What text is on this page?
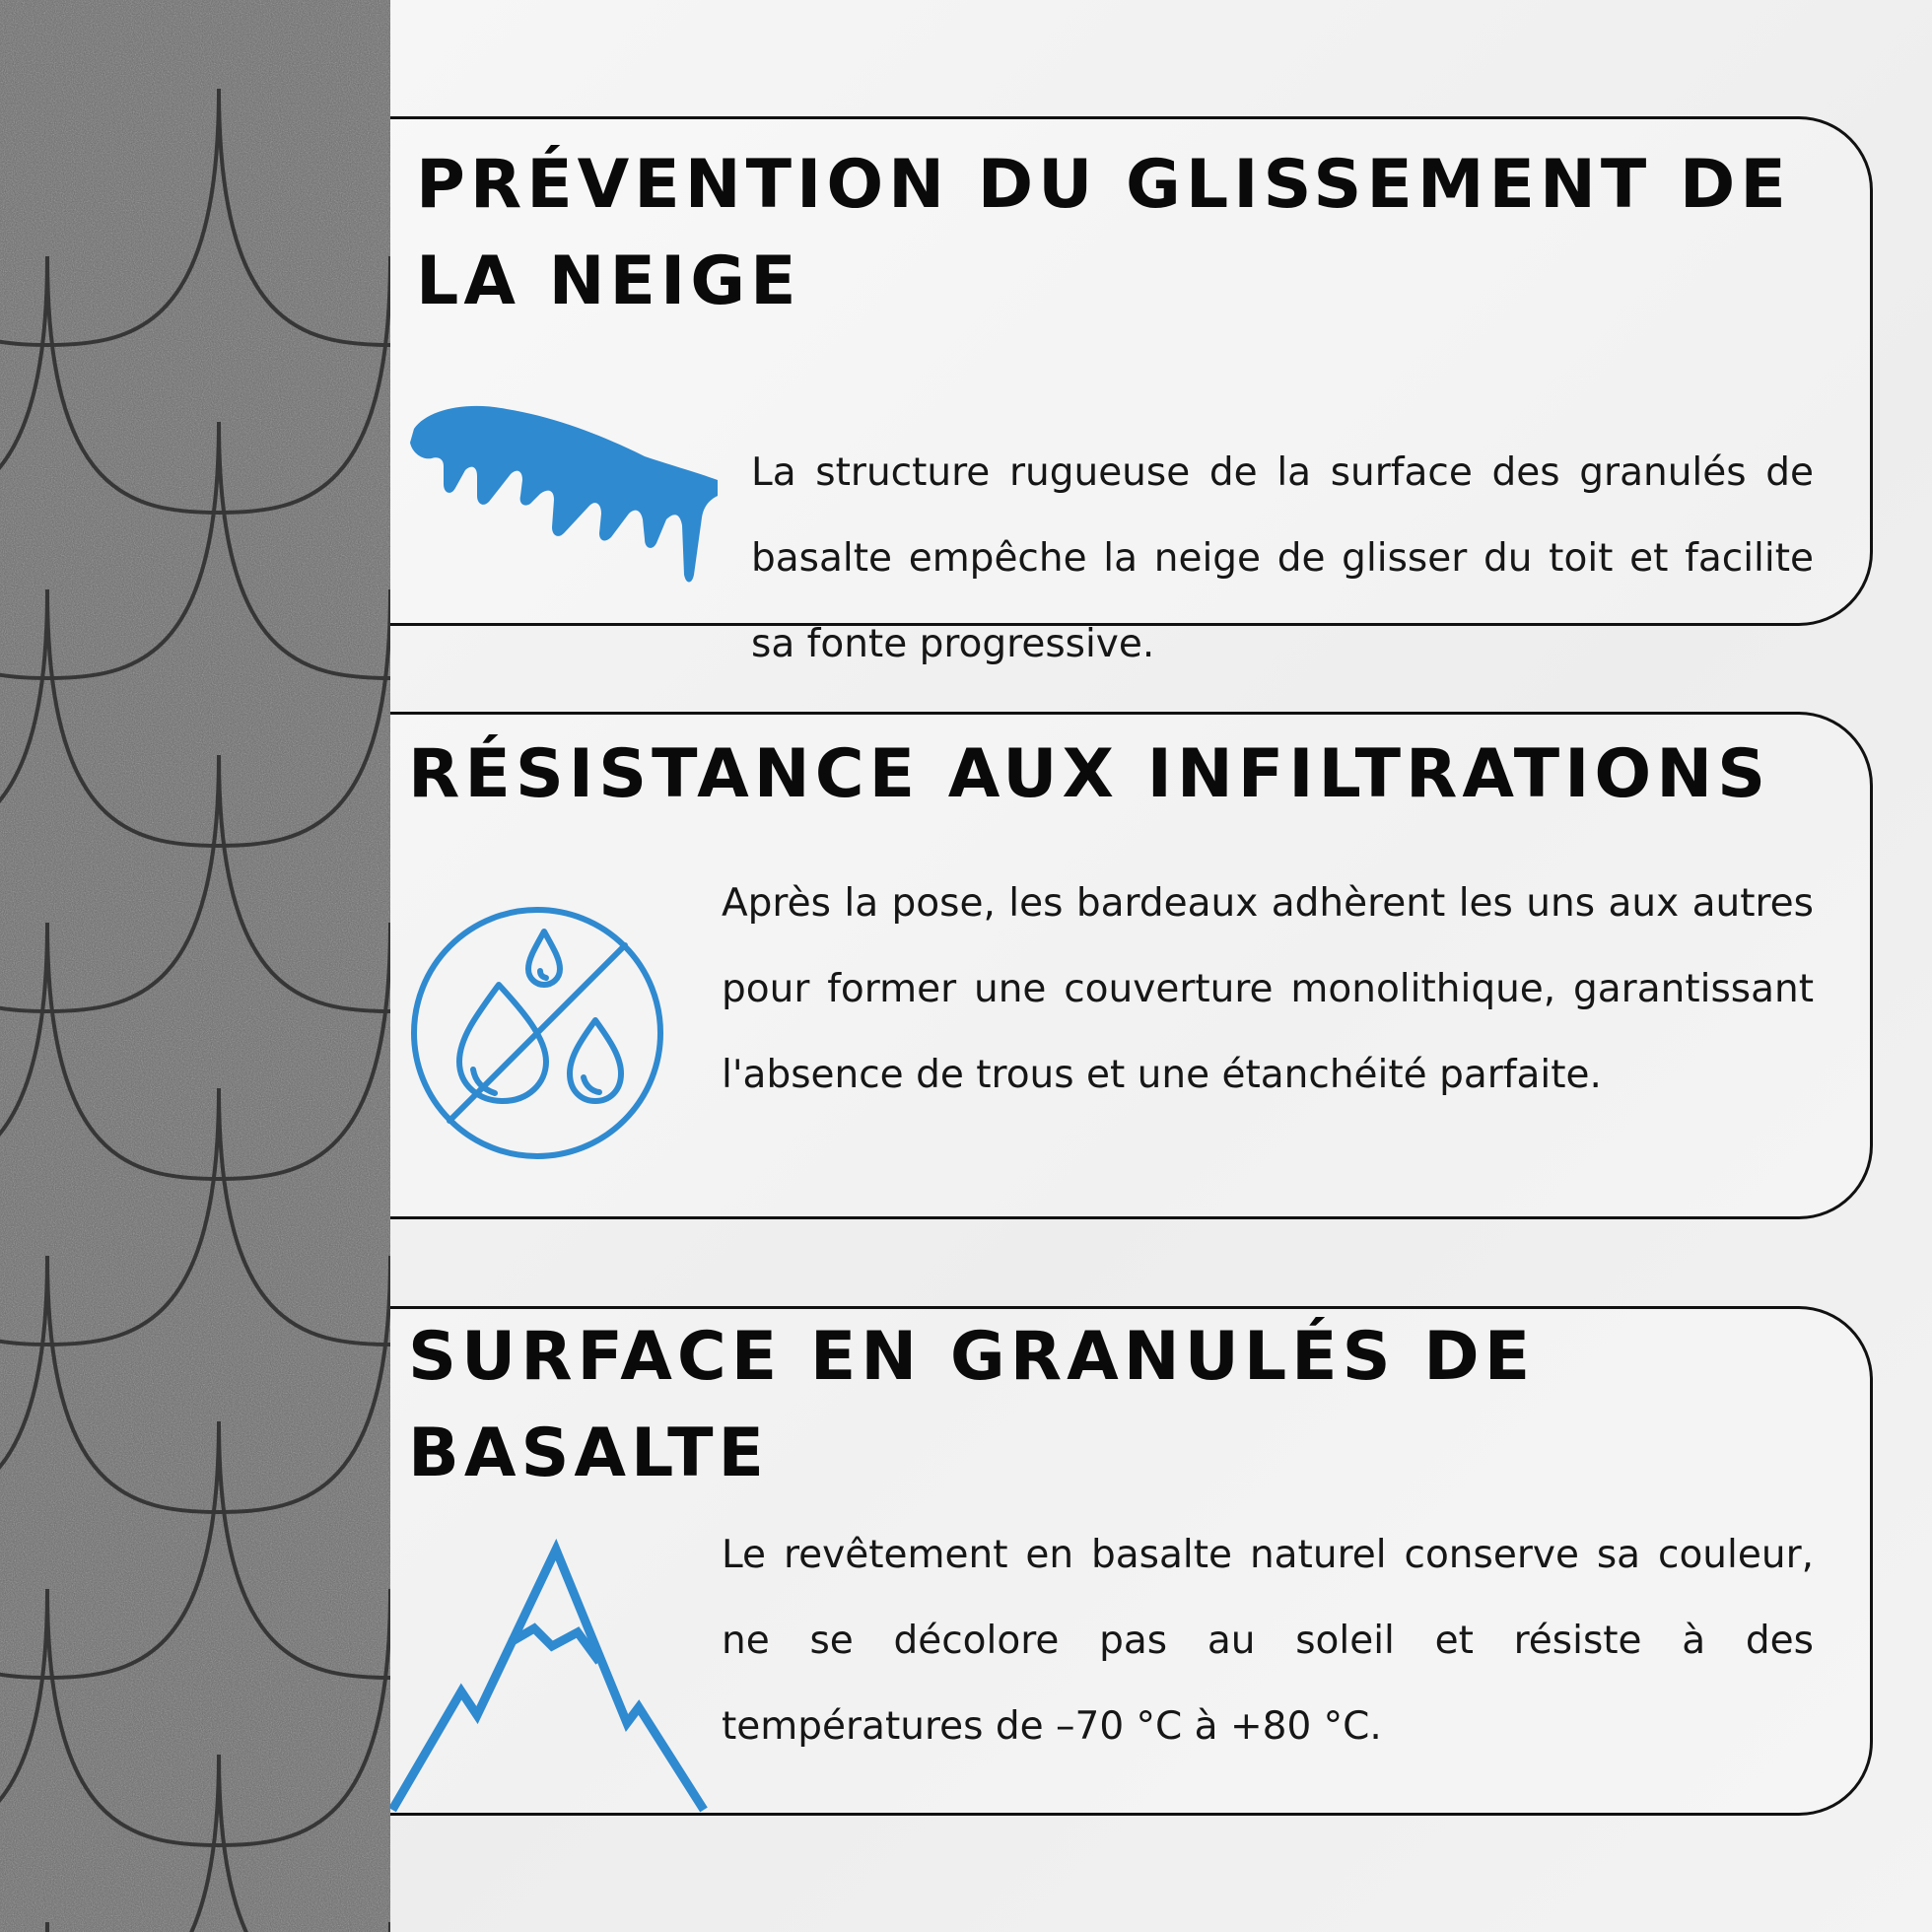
PRÉVENTION DU GLISSEMENT DE
LA NEIGE

La structure rugueuse de la surface des granulés de basalte empêche la neige de glisser du toit et facilite sa fonte progressive.

RÉSISTANCE AUX INFILTRATIONS

Après la pose, les bardeaux adhèrent les uns aux autres pour former une couverture monolithique, garantissant l'absence de trous et une étanchéité parfaite.

SURFACE EN GRANULÉS DE
BASALTE

Le revêtement en basalte naturel conserve sa couleur, ne se décolore pas au soleil et résiste à des températures de –70 °C à +80 °C.
